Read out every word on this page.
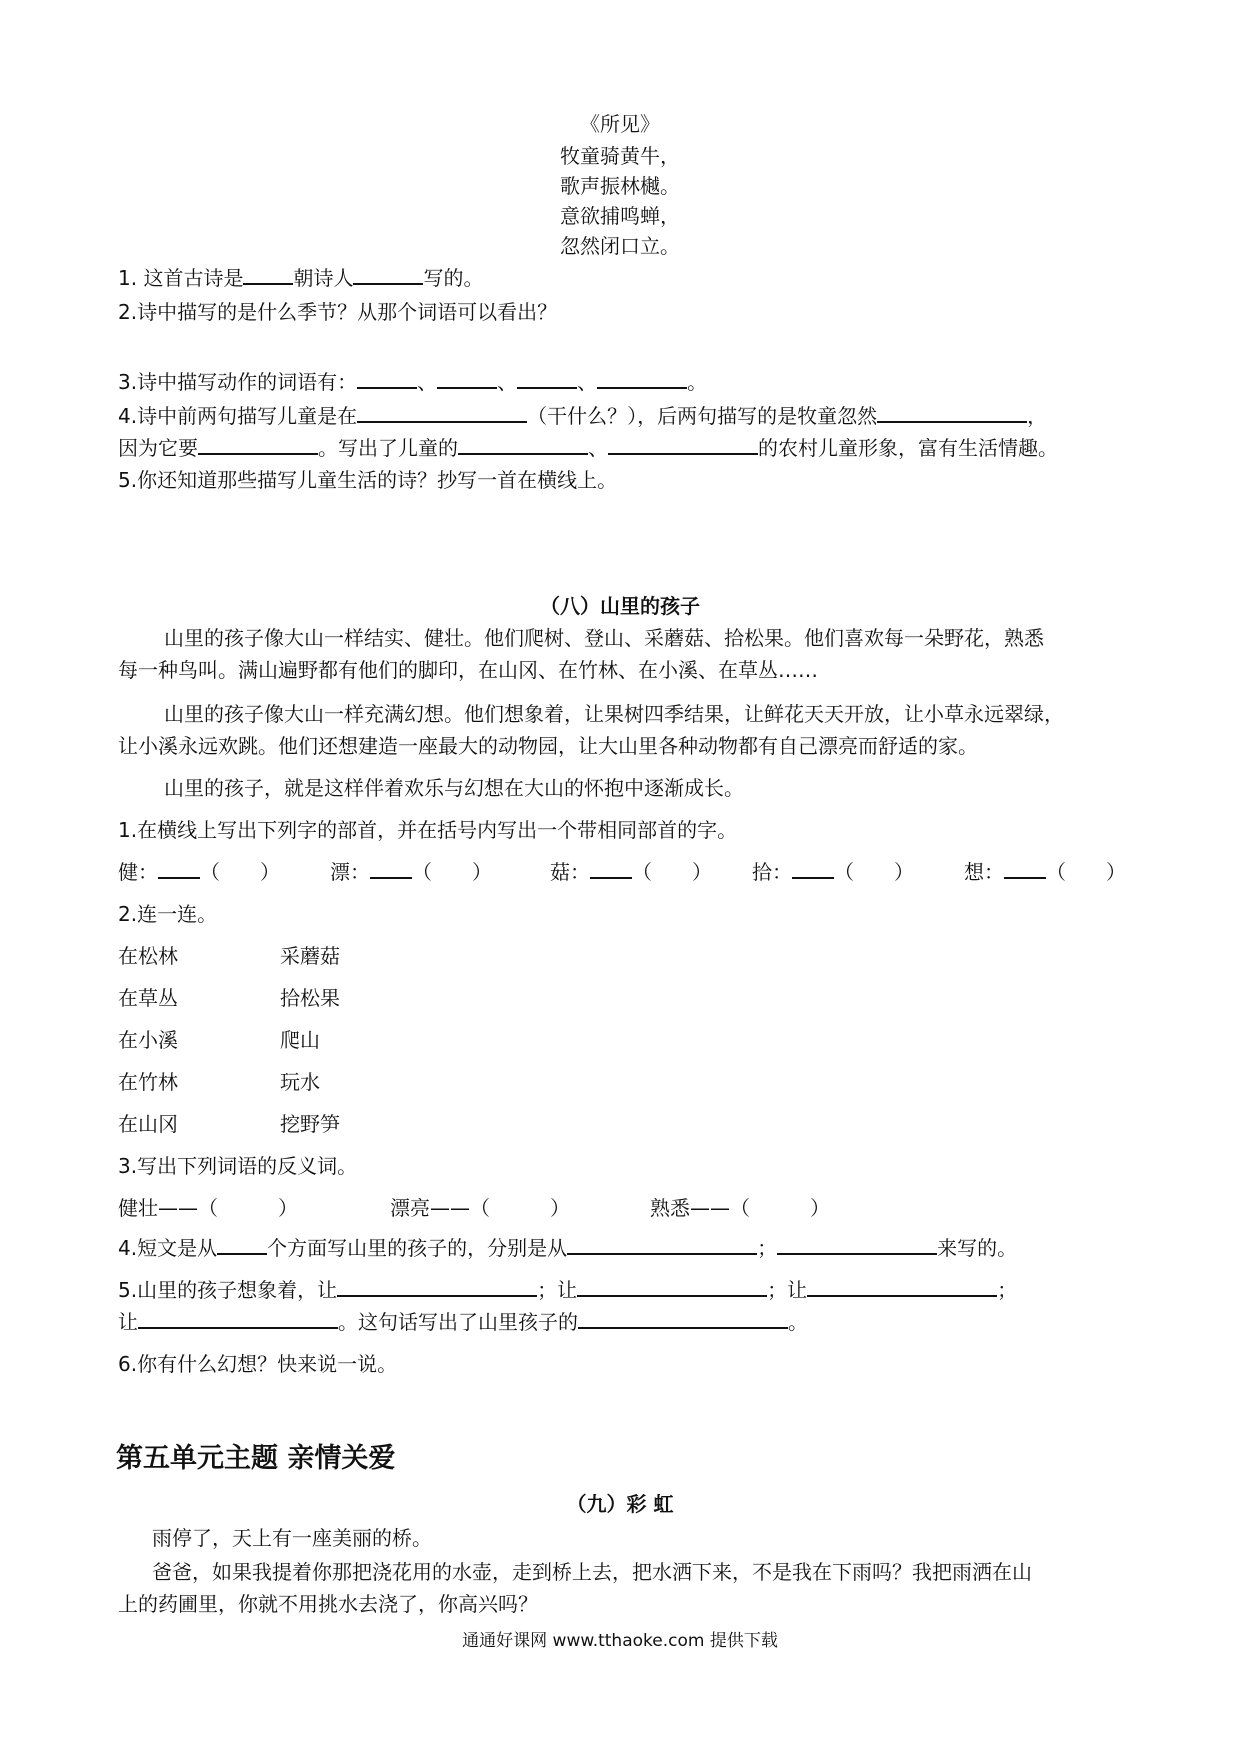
《所见》
牧童骑黄牛，
歌声振林樾。
意欲捕鸣蝉，
忽然闭口立。
1. 这首古诗是	朝诗人	写的。
2.诗中描写的是什么季节？从那个词语可以看出？
3.诗中描写动作的词语有：	、	、	、	。
4.诗中前两句描写儿童是在	（干什么？），后两句描写的是牧童忽然	，
因为它要	。写出了儿童的	、	的农村儿童形象，富有生活情趣。
5.你还知道那些描写儿童生活的诗？抄写一首在横线上。
（八）山里的孩子
山里的孩子像大山一样结实、健壮。他们爬树、登山、采蘑菇、拾松果。他们喜欢每一朵野花，熟悉
每一种鸟叫。满山遍野都有他们的脚印，在山冈、在竹林、在小溪、在草丛……
山里的孩子像大山一样充满幻想。他们想象着，让果树四季结果，让鲜花天天开放，让小草永远翠绿，
让小溪永远欢跳。他们还想建造一座最大的动物园，让大山里各种动物都有自己漂亮而舒适的家。
山里的孩子，就是这样伴着欢乐与幻想在大山的怀抱中逐渐成长。
1.在横线上写出下列字的部首，并在括号内写出一个带相同部首的字。
健： （　　）	漂： （　　）	菇： （　　） 拾： （　　）	想： （　　）
2.连一连。
在松林	采蘑菇
在草丛	拾松果
在小溪	爬山
在竹林	玩水
在山冈	挖野笋
3.写出下列词语的反义词。
健壮——（　　　）	漂亮——（　　　）	熟悉——（　　　）
4.短文是从	个方面写山里的孩子的，分别是从	；	来写的。
5.山里的孩子想象着，让	；让	；让	；
让	。这句话写出了山里孩子的	。
6.你有什么幻想？快来说一说。
第五单元主题 亲情关爱
（九）彩 虹
雨停了，天上有一座美丽的桥。
爸爸，如果我提着你那把浇花用的水壶，走到桥上去，把水洒下来，不是我在下雨吗？我把雨洒在山
上的药圃里，你就不用挑水去浇了，你高兴吗？
通通好课网 www.tthaoke.com 提供下载
